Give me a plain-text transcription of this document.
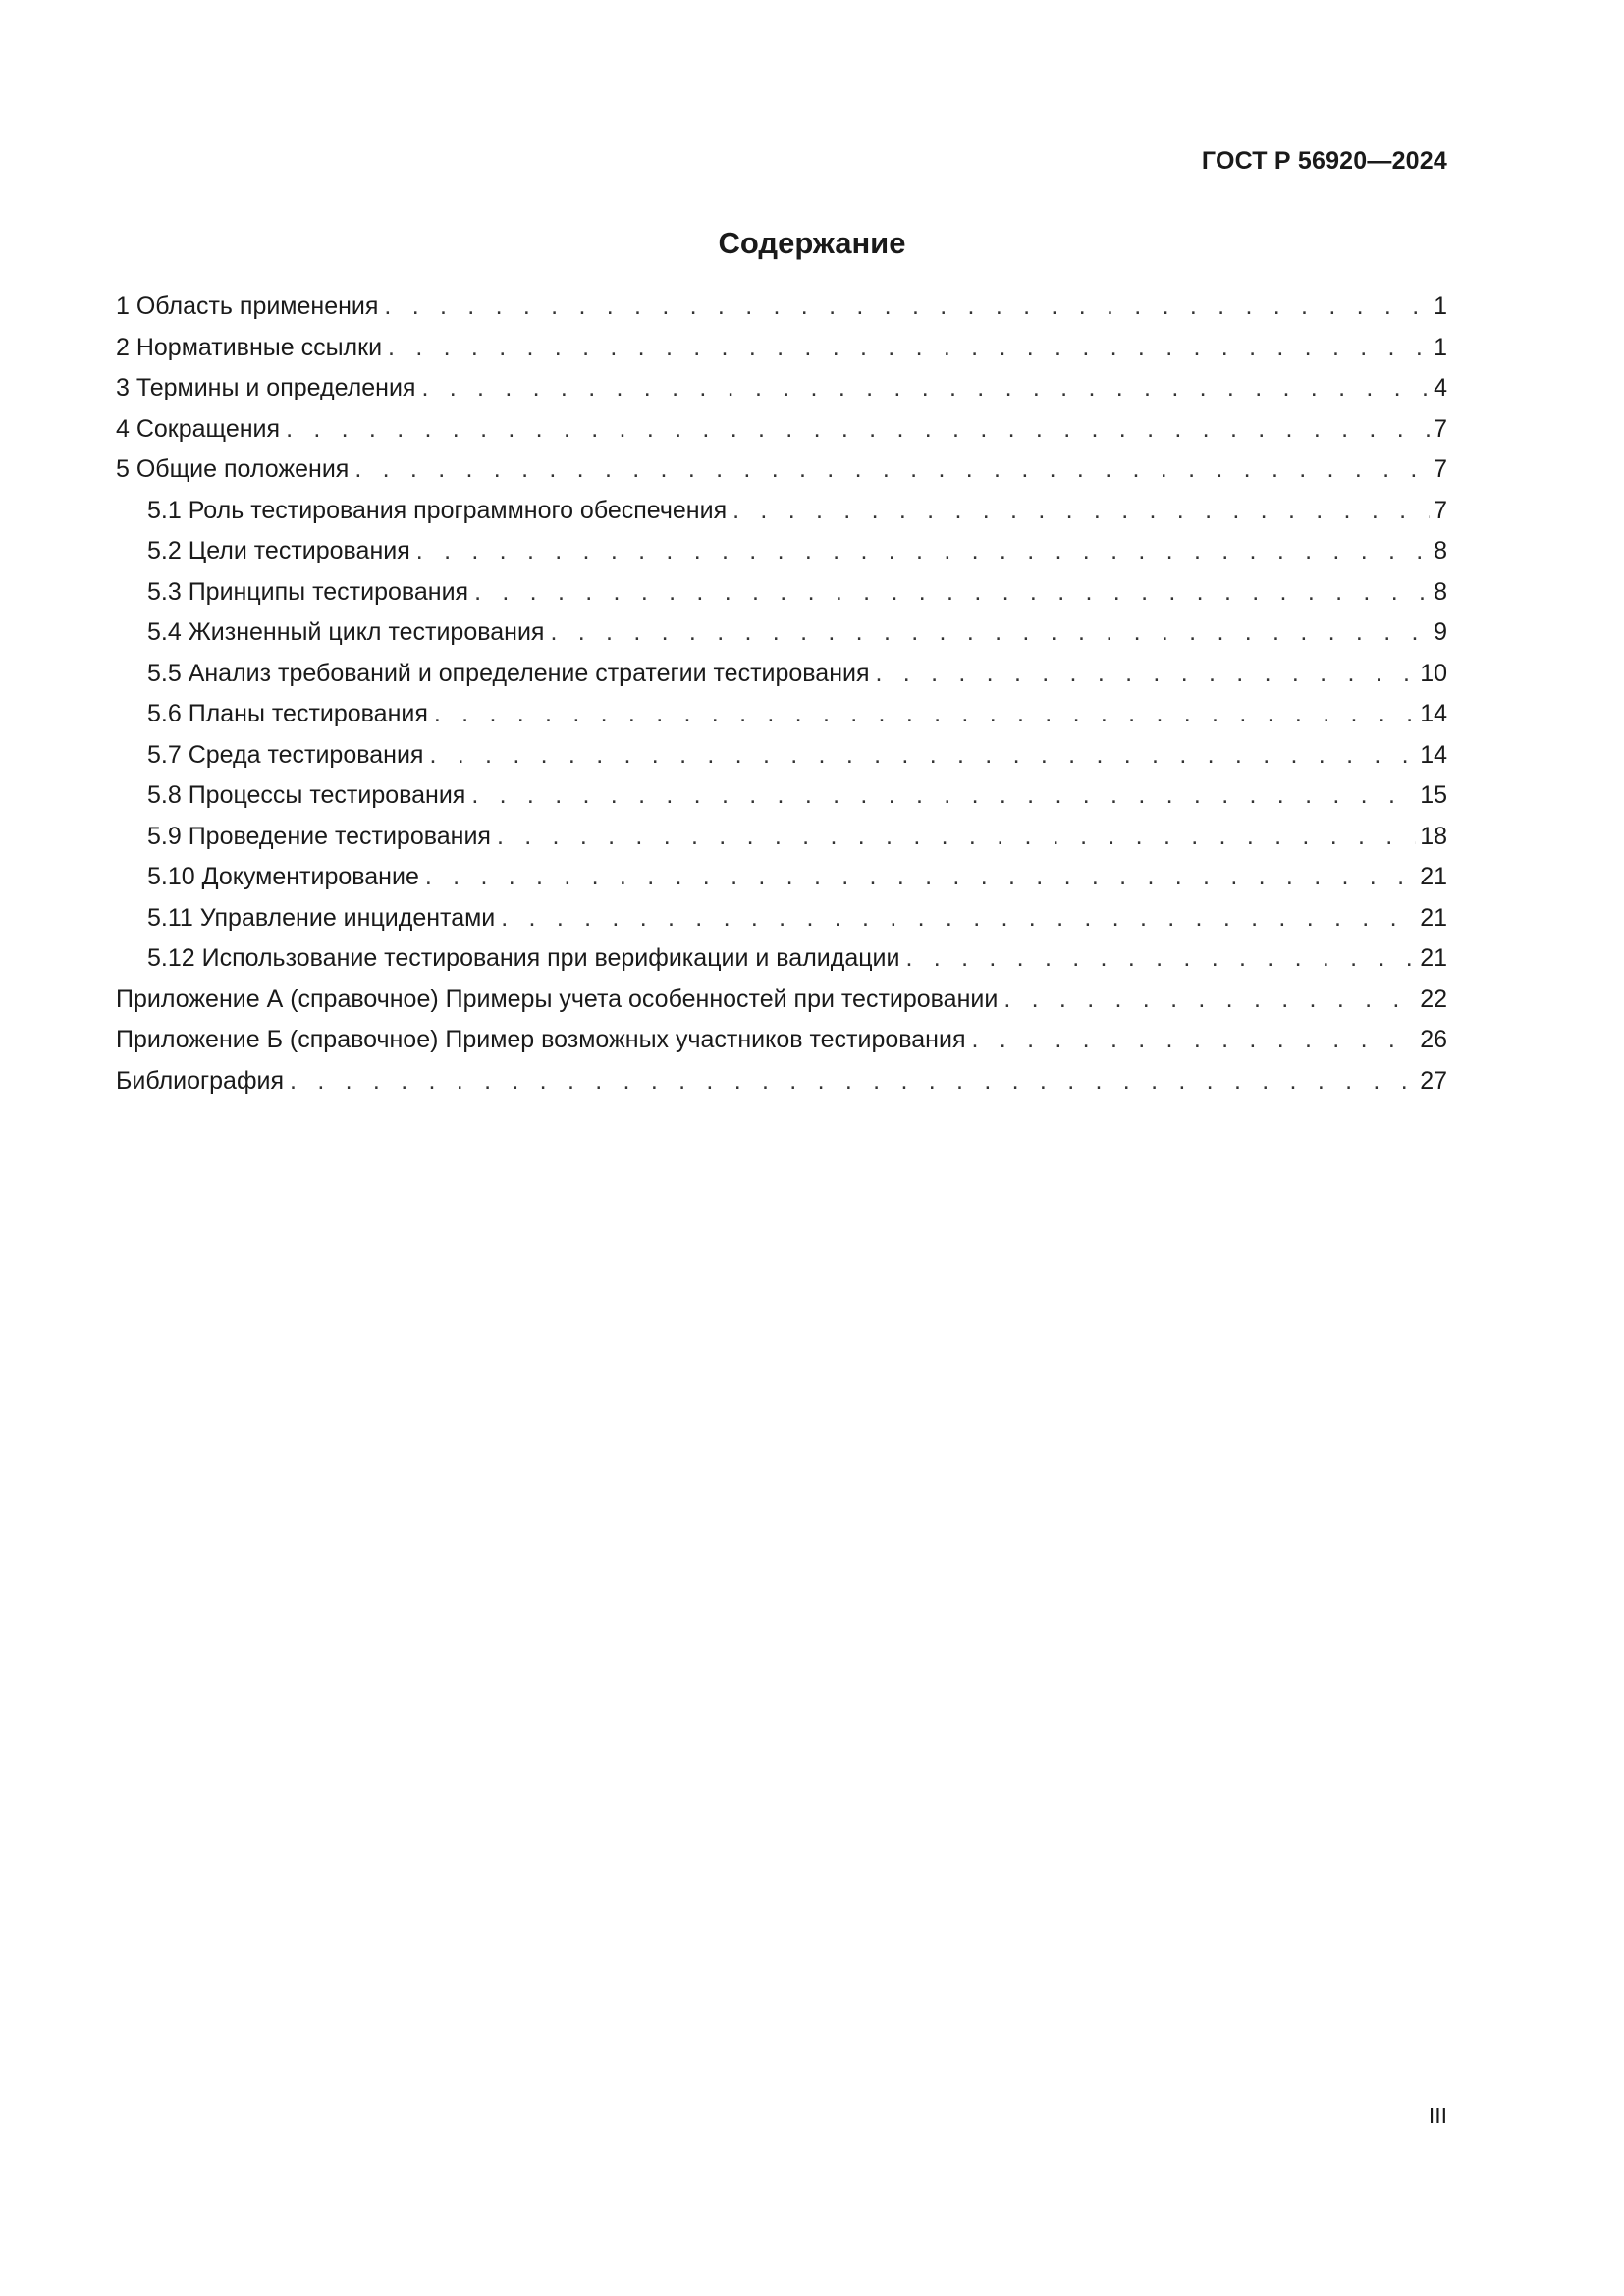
ГОСТ Р 56920—2024
Содержание
1 Область применения . . .	1
2 Нормативные ссылки . . .	1
3 Термины и определения . . .	4
4 Сокращения . . .	7
5 Общие положения . . .	7
5.1 Роль тестирования программного обеспечения . . .	7
5.2 Цели тестирования . . .	8
5.3 Принципы тестирования . . .	8
5.4 Жизненный цикл тестирования . . .	9
5.5 Анализ требований и определение стратегии тестирования . . .	10
5.6 Планы тестирования . . .	14
5.7 Среда тестирования . . .	14
5.8 Процессы тестирования . . .	15
5.9 Проведение тестирования . . .	18
5.10 Документирование . . .	21
5.11 Управление инцидентами . . .	21
5.12 Использование тестирования при верификации и валидации . . .	21
Приложение А (справочное) Примеры учета особенностей при тестировании . . .	22
Приложение Б (справочное) Пример возможных участников тестирования . . .	26
Библиография . . .	27
III
